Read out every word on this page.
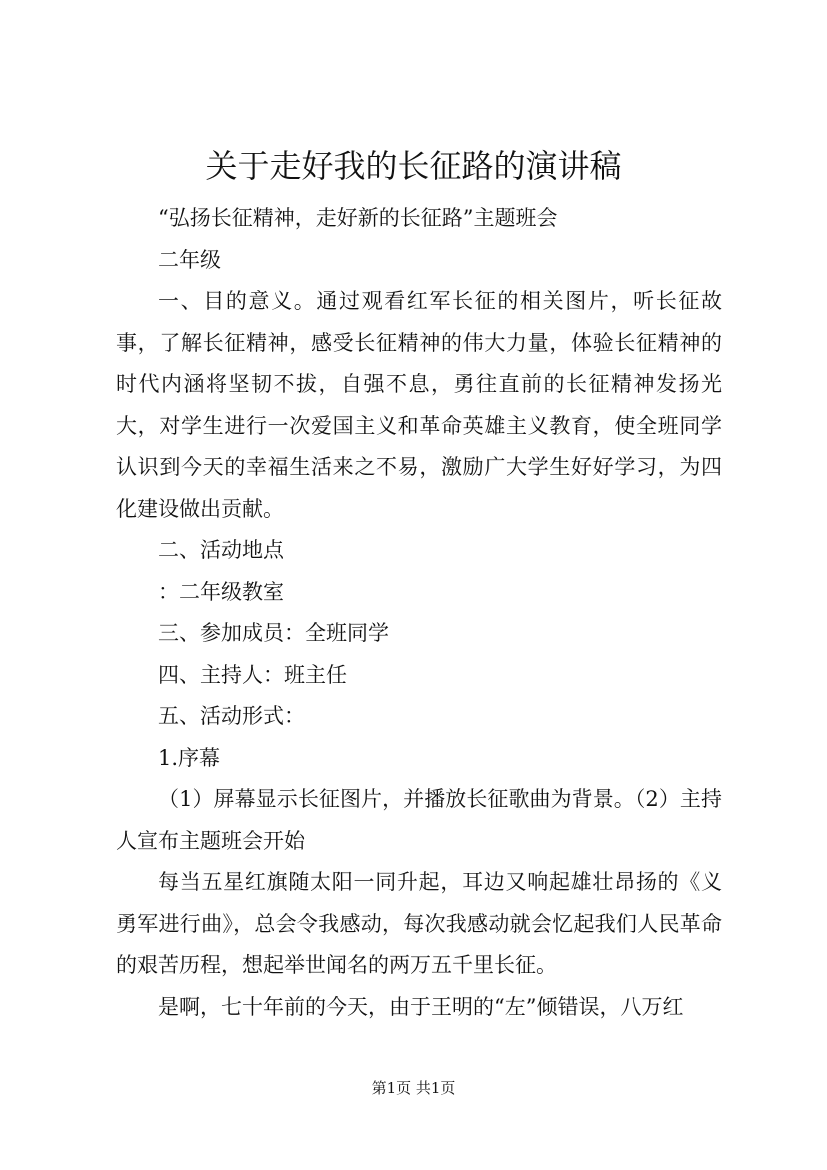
关于走好我的长征路的演讲稿

“弘扬长征精神，走好新的长征路”主题班会

二年级

一、目的意义。通过观看红军长征的相关图片，听长征故事，了解长征精神，感受长征精神的伟大力量，体验长征精神的时代内涵将坚韧不拔，自强不息，勇往直前的长征精神发扬光大，对学生进行一次爱国主义和革命英雄主义教育，使全班同学认识到今天的幸福生活来之不易，激励广大学生好好学习，为四化建设做出贡献。

二、活动地点

：二年级教室

三、参加成员：全班同学

四、主持人：班主任

五、活动形式：

1.序幕

（1）屏幕显示长征图片，并播放长征歌曲为背景。（2）主持人宣布主题班会开始

每当五星红旗随太阳一同升起，耳边又响起雄壮昂扬的《义勇军进行曲》，总会令我感动，每次我感动就会忆起我们人民革命的艰苦历程，想起举世闻名的两万五千里长征。

是啊，七十年前的今天，由于王明的“左”倾错误，八万红

第1页 共1页
